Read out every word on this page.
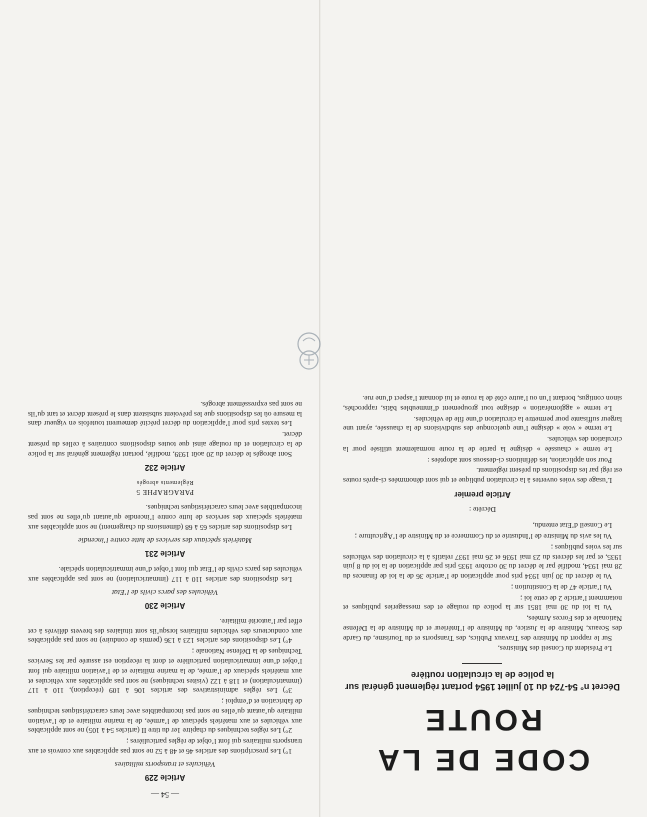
— 54 —
Article 229
Véhicules et transports militaires

1°) Les prescriptions des articles 46 et 48 à 52 ne sont pas applicables aux convois et aux transports militaires qui font l’objet de règles particulières ;

2°) Les règles techniques du chapitre 1er du titre II (articles 54 à 105) ne sont applicables aux véhicules et aux matériels spéciaux de l’armée, de la marine militaire et de l’aviation militaire qu’autant qu’elles ne sont pas incompatibles avec leurs caractéristiques techniques de fabrication et d’emploi ;

3°) Les règles administratives des articles 106 à 109 (réception), 110 à 117 (immatriculation) et 118 à 122 (visites techniques) ne sont pas applicables aux véhicules et aux matériels spéciaux de l’armée, de la marine militaire et de l’aviation militaire qui font l’objet d’une immatriculation particulière et dont la réception est assurée par les Services Techniques de la Défense Nationale ;

4°) Les dispositions des articles 123 à 136 (permis de conduire) ne sont pas applicables aux conducteurs des véhicules militaires lorsqu’ils sont titulaires des brevets délivrés à cet effet par l’autorité militaire.

Article 230
Véhicules des parcs civils de l’Etat

Les dispositions des articles 110 à 117 (immatriculation) ne sont pas applicables aux véhicules des parcs civils de l’Etat qui font l’objet d’une immatriculation spéciale.

Article 231
Matériels spéciaux des services de lutte contre l’incendie

Les dispositions des articles 65 à 68 (dimensions du chargement) ne sont applicables aux matériels spéciaux des services de lutte contre l’incendie qu’autant qu’elles ne sont pas incompatibles avec leurs caractéristiques techniques.

PARAGRAPHE 5
Règlements abrogés
Article 232

Sont abrogés le décret du 20 août 1939, modifié, portant règlement général sur la police de la circulation et du roulage ainsi que toutes dispositions contraires à celles du présent décret.

Les textes pris pour l’application du décret précité demeurent toutefois en vigueur dans la mesure où les dispositions que les prévoient subsistent dans le présent décret et tant qu’ils ne sont pas expressément abrogés.

CODE DE LA ROUTE
Décret n° 54-724 du 10 juillet 1954 portant règlement général sur la police de la circulation routière

Le Président du Conseil des Ministres,

Sur le rapport du Ministre des Travaux Publics, des Transports et du Tourisme, du Garde des Sceaux, Ministre de la Justice, du Ministre de l’Intérieur et du Ministre de la Défense Nationale et des Forces Armées,

Vu la loi du 30 mai 1851 sur la police du roulage et des messageries publiques et notamment l’article 2 de cette loi ;

Vu l’article 47 de la Constitution ;

Vu le décret du 30 juin 1934 pris pour application de l’article 36 de la loi de finances du 28 mai 1934, modifié par le décret du 30 octobre 1935 pris par application de la loi du 8 juin 1935, et par les décrets du 23 mai 1936 et 26 mai 1937 relatifs à la circulation des véhicules sur les voies publiques ;

Vu les avis du Ministre de l’Industrie et du Commerce et du Ministre de l’Agriculture ;

Le Conseil d’Etat entendu,

Décrète :

Article premier

L’usage des voies ouvertes à la circulation publique et qui sont dénommées ci-après routes est régi par les dispositions du présent règlement.

Pour son application, les définitions ci-dessous sont adoptées :

Le terme « chaussée » désigne la partie de la route normalement utilisée pour la circulation des véhicules.

Le terme « voie » désigne l’une quelconque des subdivisions de la chaussée, ayant une largeur suffisante pour permettre la circulation d’une file de véhicules.

Le terme « agglomération » désigne tout groupement d’immeubles bâtis, rapprochés, sinon contigus, bordant l’un ou l’autre côté de la route et lui donnant l’aspect d’une rue.
